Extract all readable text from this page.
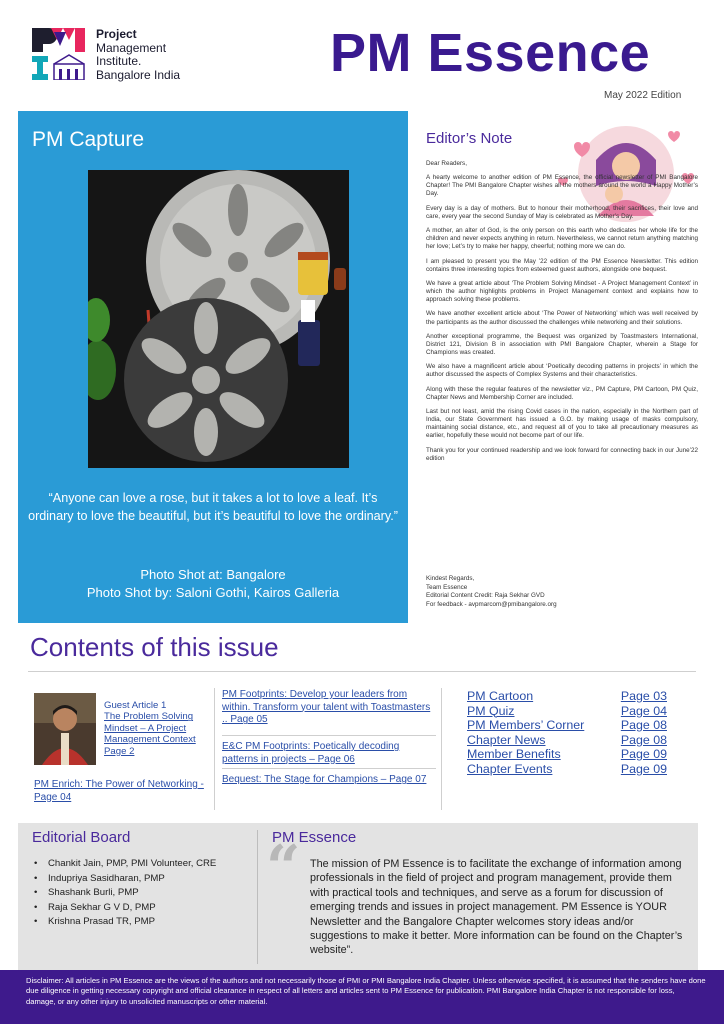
Project
Management
Institute.
Bangalore India	PM Essence
May 2022 Edition
PM Capture
“Anyone can love a rose, but it takes a lot to love a leaf. It’s ordinary to love the beautiful, but it’s beautiful to love the ordinary.”
Photo Shot at: Bangalore
Photo Shot by: Saloni Gothi, Kairos Galleria
Editor’s Note

Dear Readers,

A hearty welcome to another edition of PM Essence, the official newsletter of PMI Bangalore Chapter! The PMI Bangalore Chapter wishes all the mothers around the world a Happy Mother’s Day.

Every day is a day of mothers. But to honour their motherhood, their sacrifices, their love and care, every year the second Sunday of May is celebrated as Mother’s Day.

A mother, an alter of God, is the only person on this earth who dedicates her whole life for the children and never expects anything in return. Nevertheless, we cannot return anything matching her love; Let’s try to make her happy, cheerful; nothing more we can do.

I am pleased to present you the May ’22 edition of the PM Essence Newsletter. This edition contains three interesting topics from esteemed guest authors, alongside one bequest.

We have a great article about ‘The Problem Solving Mindset - A Project Management Context’ in which the author highlights problems in Project Management context and explains how to approach solving these problems.

We have another excellent article about ‘The Power of Networking’ which was well received by the participants as the author discussed the challenges while networking and their solutions.

Another exceptional programme, the Bequest was organized by Toastmasters International, District 121, Division B in association with PMI Bangalore Chapter, wherein a Stage for Champions was created.

We also have a magnificent article about ‘Poetically decoding patterns in projects’ in which the author discussed the aspects of Complex Systems and their characteristics.

Along with these the regular features of the newsletter viz., PM Capture, PM Cartoon, PM Quiz, Chapter News and Membership Corner are included.

Last but not least, amid the rising Covid cases in the nation, especially in the Northern part of India, our State Government has issued a G.O. by making usage of masks compulsory, maintaining social distance, etc., and request all of you to take all precautionary measures as earlier, hopefully these would not become part of our life.

Thank you for your continued readership and we look forward for connecting back in our June’22 edition

Kindest Regards,
Team Essence
Editorial Content Credit: Raja Sekhar GVD
For feedback - avpmarcom@pmibangalore.org
Contents of this issue
Guest Article 1
The Problem Solving Mindset – A Project Management Context
Page 2
PM Enrich: The Power of Networking - Page 04
PM Footprints: Develop your leaders from within. Transform your talent with Toastmasters .. Page 05
E&C PM Footprints: Poetically decoding patterns in projects – Page 06
Bequest: The Stage for Champions – Page 07
PM Cartoon	Page 03
PM Quiz	Page 04
PM Members’ Corner	Page 08
Chapter News	Page 08
Member Benefits	Page 09
Chapter Events	Page 09
Editorial Board
• Chankit Jain, PMP, PMI Volunteer, CRE
• Indupriya Sasidharan, PMP
• Shashank Burli, PMP
• Raja Sekhar G V D, PMP
• Krishna Prasad TR, PMP
PM Essence
“ The mission of PM Essence is to facilitate the exchange of information among professionals in the field of project and program management, provide them with practical tools and techniques, and serve as a forum for discussion of emerging trends and issues in project management. PM Essence is YOUR Newsletter and the Bangalore Chapter welcomes story ideas and/or suggestions to make it better. More information can be found on the Chapter’s website”.
Disclaimer: All articles in PM Essence are the views of the authors and not necessarily those of PMI or PMI Bangalore India Chapter. Unless otherwise specified, it is assumed that the senders have done due diligence in getting necessary copyright and official clearance in respect of all letters and articles sent to PM Essence for publication. PMI Bangalore India Chapter is not responsible for loss, damage, or any other injury to unsolicited manuscripts or other material.
